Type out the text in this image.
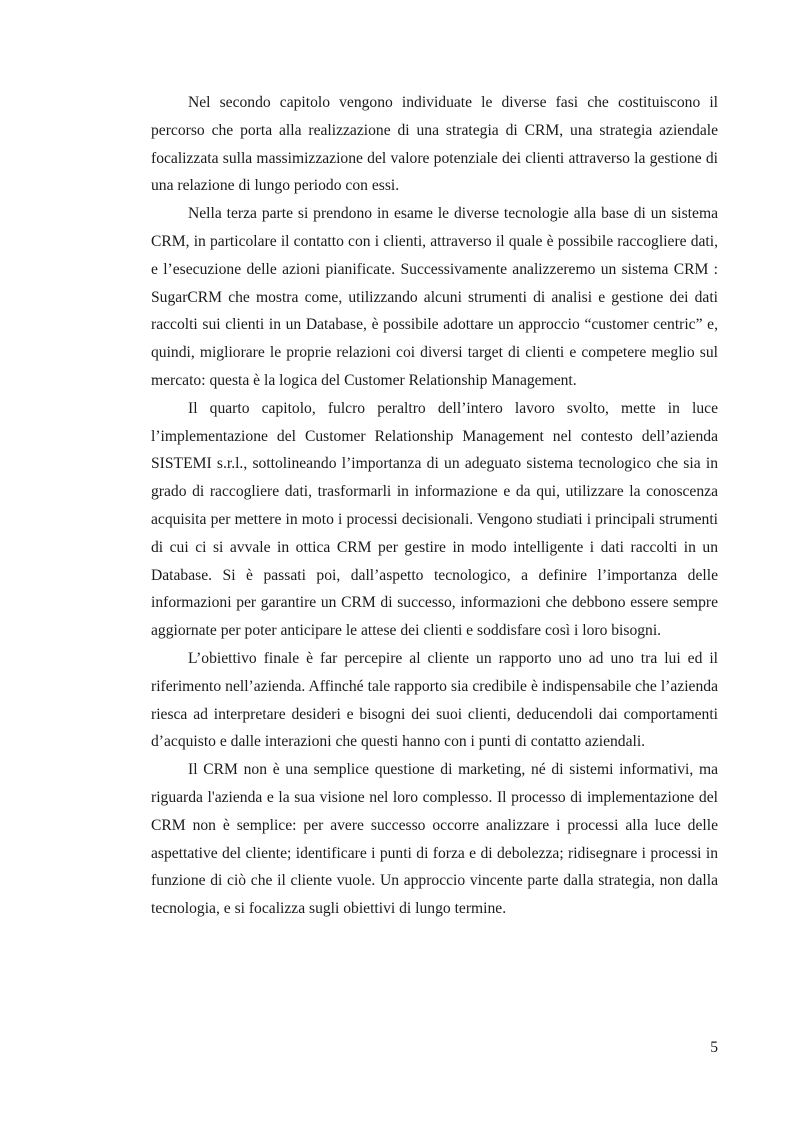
Nel secondo capitolo vengono individuate le diverse fasi che costituiscono il percorso che porta alla realizzazione di una strategia di CRM, una strategia aziendale focalizzata sulla massimizzazione del valore potenziale dei clienti attraverso la gestione di una relazione di lungo periodo con essi.

Nella terza parte si prendono in esame le diverse tecnologie alla base di un sistema CRM, in particolare il contatto con i clienti, attraverso il quale è possibile raccogliere dati, e l’esecuzione delle azioni pianificate. Successivamente analizzeremo un sistema CRM : SugarCRM che mostra come, utilizzando alcuni strumenti di analisi e gestione dei dati raccolti sui clienti in un Database, è possibile adottare un approccio “customer centric” e, quindi, migliorare le proprie relazioni coi diversi target di clienti e competere meglio sul mercato: questa è la logica del Customer Relationship Management.

Il quarto capitolo, fulcro peraltro dell’intero lavoro svolto, mette in luce l’implementazione del Customer Relationship Management nel contesto dell’azienda SISTEMI s.r.l., sottolineando l’importanza di un adeguato sistema tecnologico che sia in grado di raccogliere dati, trasformarli in informazione e da qui, utilizzare la conoscenza acquisita per mettere in moto i processi decisionali. Vengono studiati i principali strumenti di cui ci si avvale in ottica CRM per gestire in modo intelligente i dati raccolti in un Database. Si è passati poi, dall’aspetto tecnologico, a definire l’importanza delle informazioni per garantire un CRM di successo, informazioni che debbono essere sempre aggiornate per poter anticipare le attese dei clienti e soddisfare così i loro bisogni.

L’obiettivo finale è far percepire al cliente un rapporto uno ad uno tra lui ed il riferimento nell’azienda. Affinché tale rapporto sia credibile è indispensabile che l’azienda riesca ad interpretare desideri e bisogni dei suoi clienti, deducendoli dai comportamenti d’acquisto e dalle interazioni che questi hanno con i punti di contatto aziendali.

Il CRM non è una semplice questione di marketing, né di sistemi informativi, ma riguarda l'azienda e la sua visione nel loro complesso. Il processo di implementazione del CRM non è semplice: per avere successo occorre analizzare i processi alla luce delle aspettative del cliente; identificare i punti di forza e di debolezza; ridisegnare i processi in funzione di ciò che il cliente vuole. Un approccio vincente parte dalla strategia, non dalla tecnologia, e si focalizza sugli obiettivi di lungo termine.

5
